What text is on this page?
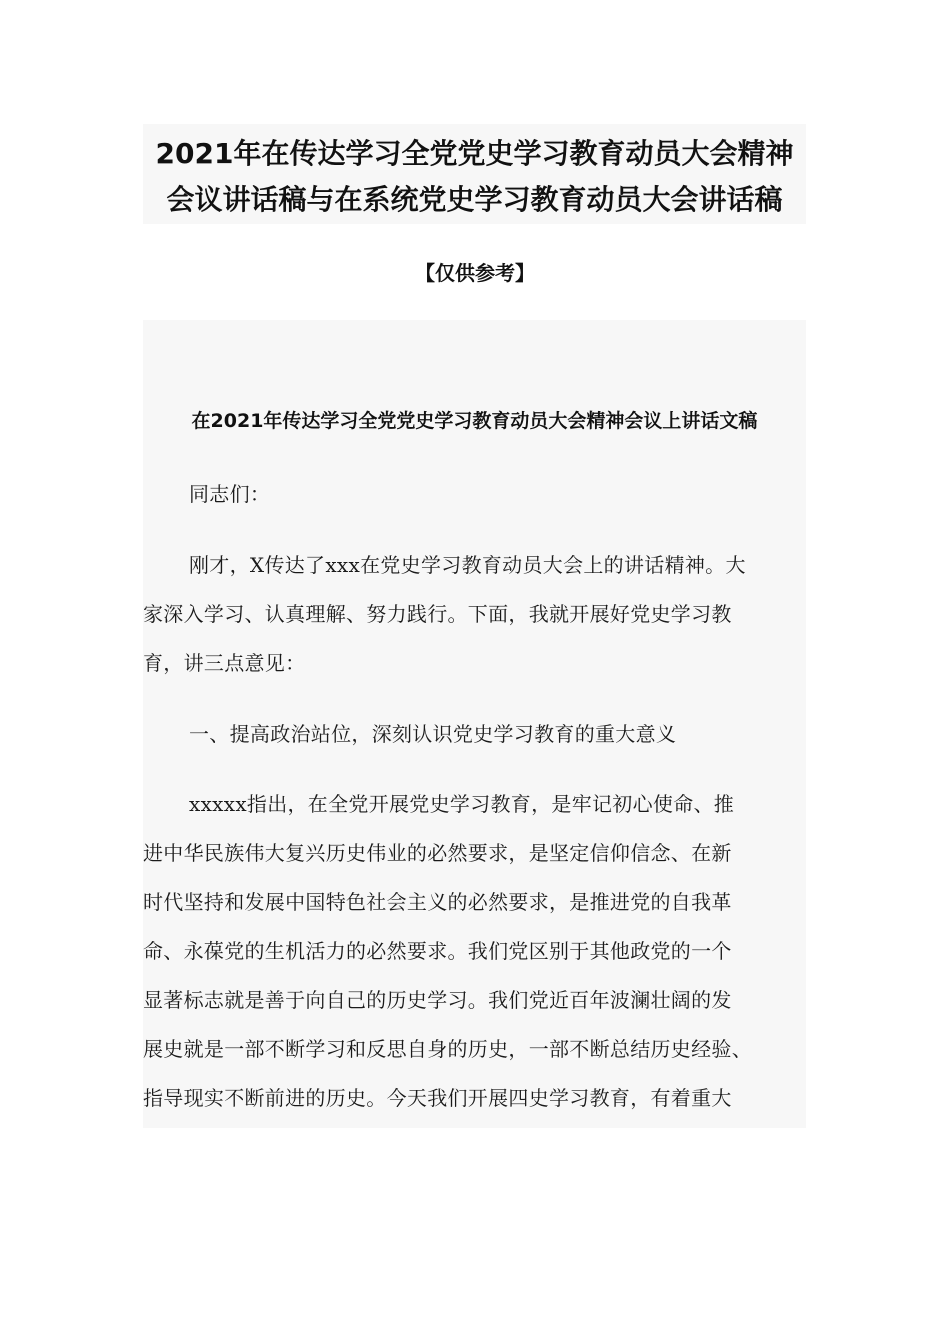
2021年在传达学习全党党史学习教育动员大会精神
会议讲话稿与在系统党史学习教育动员大会讲话稿
【仅供参考】
在2021年传达学习全党党史学习教育动员大会精神会议上讲话文稿
同志们：
刚才，X传达了xxx在党史学习教育动员大会上的讲话精神。大
家深入学习、认真理解、努力践行。下面，我就开展好党史学习教
育，讲三点意见：
一、提高政治站位，深刻认识党史学习教育的重大意义
xxxxx指出，在全党开展党史学习教育，是牢记初心使命、推
进中华民族伟大复兴历史伟业的必然要求，是坚定信仰信念、在新
时代坚持和发展中国特色社会主义的必然要求，是推进党的自我革
命、永葆党的生机活力的必然要求。我们党区别于其他政党的一个
显著标志就是善于向自己的历史学习。我们党近百年波澜壮阔的发
展史就是一部不断学习和反思自身的历史，一部不断总结历史经验、
指导现实不断前进的历史。今天我们开展四史学习教育，有着重大
